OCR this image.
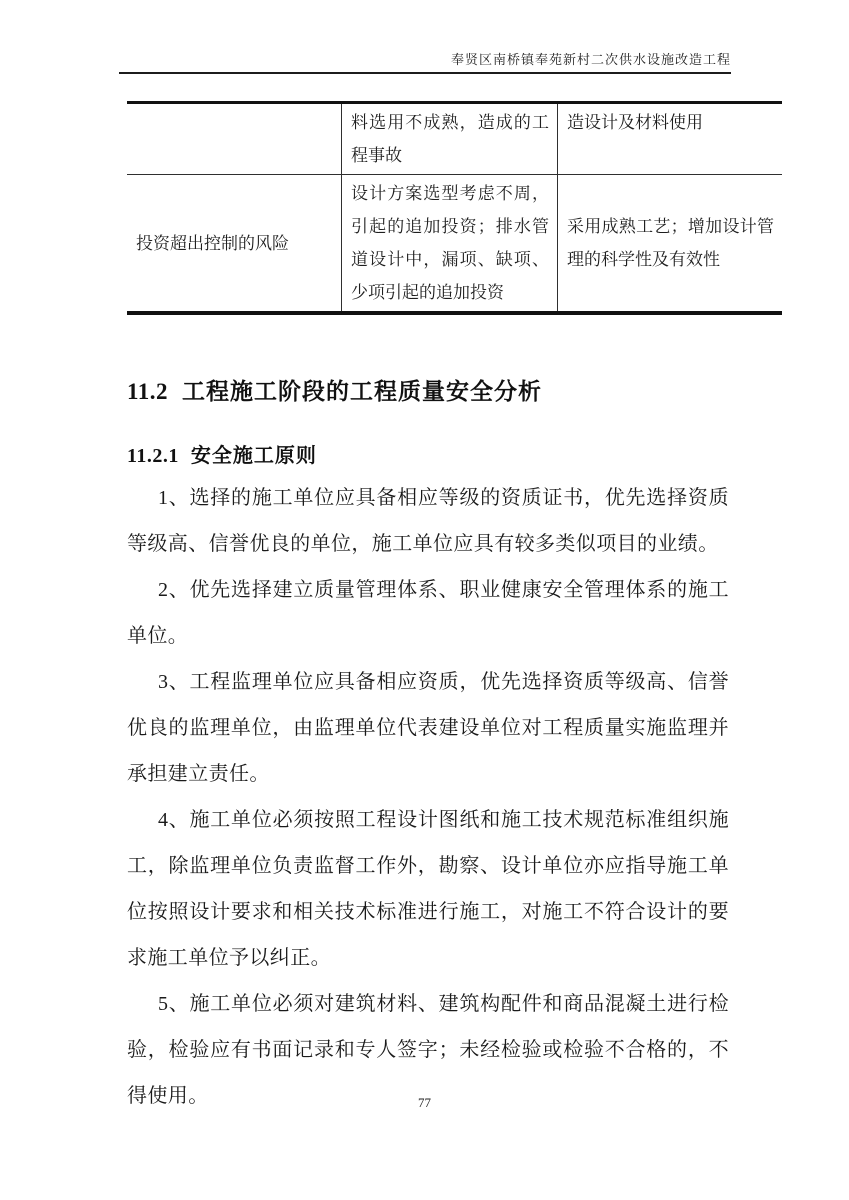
奉贤区南桥镇奉苑新村二次供水设施改造工程
	料选用不成熟，造成的工程事故	造设计及材料使用
投资超出控制的风险	设计方案选型考虑不周，引起的追加投资；排水管道设计中，漏项、缺项、少项引起的追加投资	采用成熟工艺；增加设计管理的科学性及有效性
11.2 工程施工阶段的工程质量安全分析
11.2.1 安全施工原则

1、选择的施工单位应具备相应等级的资质证书，优先选择资质等级高、信誉优良的单位，施工单位应具有较多类似项目的业绩。

2、优先选择建立质量管理体系、职业健康安全管理体系的施工单位。

3、工程监理单位应具备相应资质，优先选择资质等级高、信誉优良的监理单位，由监理单位代表建设单位对工程质量实施监理并承担建立责任。

4、施工单位必须按照工程设计图纸和施工技术规范标准组织施工，除监理单位负责监督工作外，勘察、设计单位亦应指导施工单位按照设计要求和相关技术标准进行施工，对施工不符合设计的要求施工单位予以纠正。

5、施工单位必须对建筑材料、建筑构配件和商品混凝土进行检验，检验应有书面记录和专人签字；未经检验或检验不合格的，不得使用。	77
